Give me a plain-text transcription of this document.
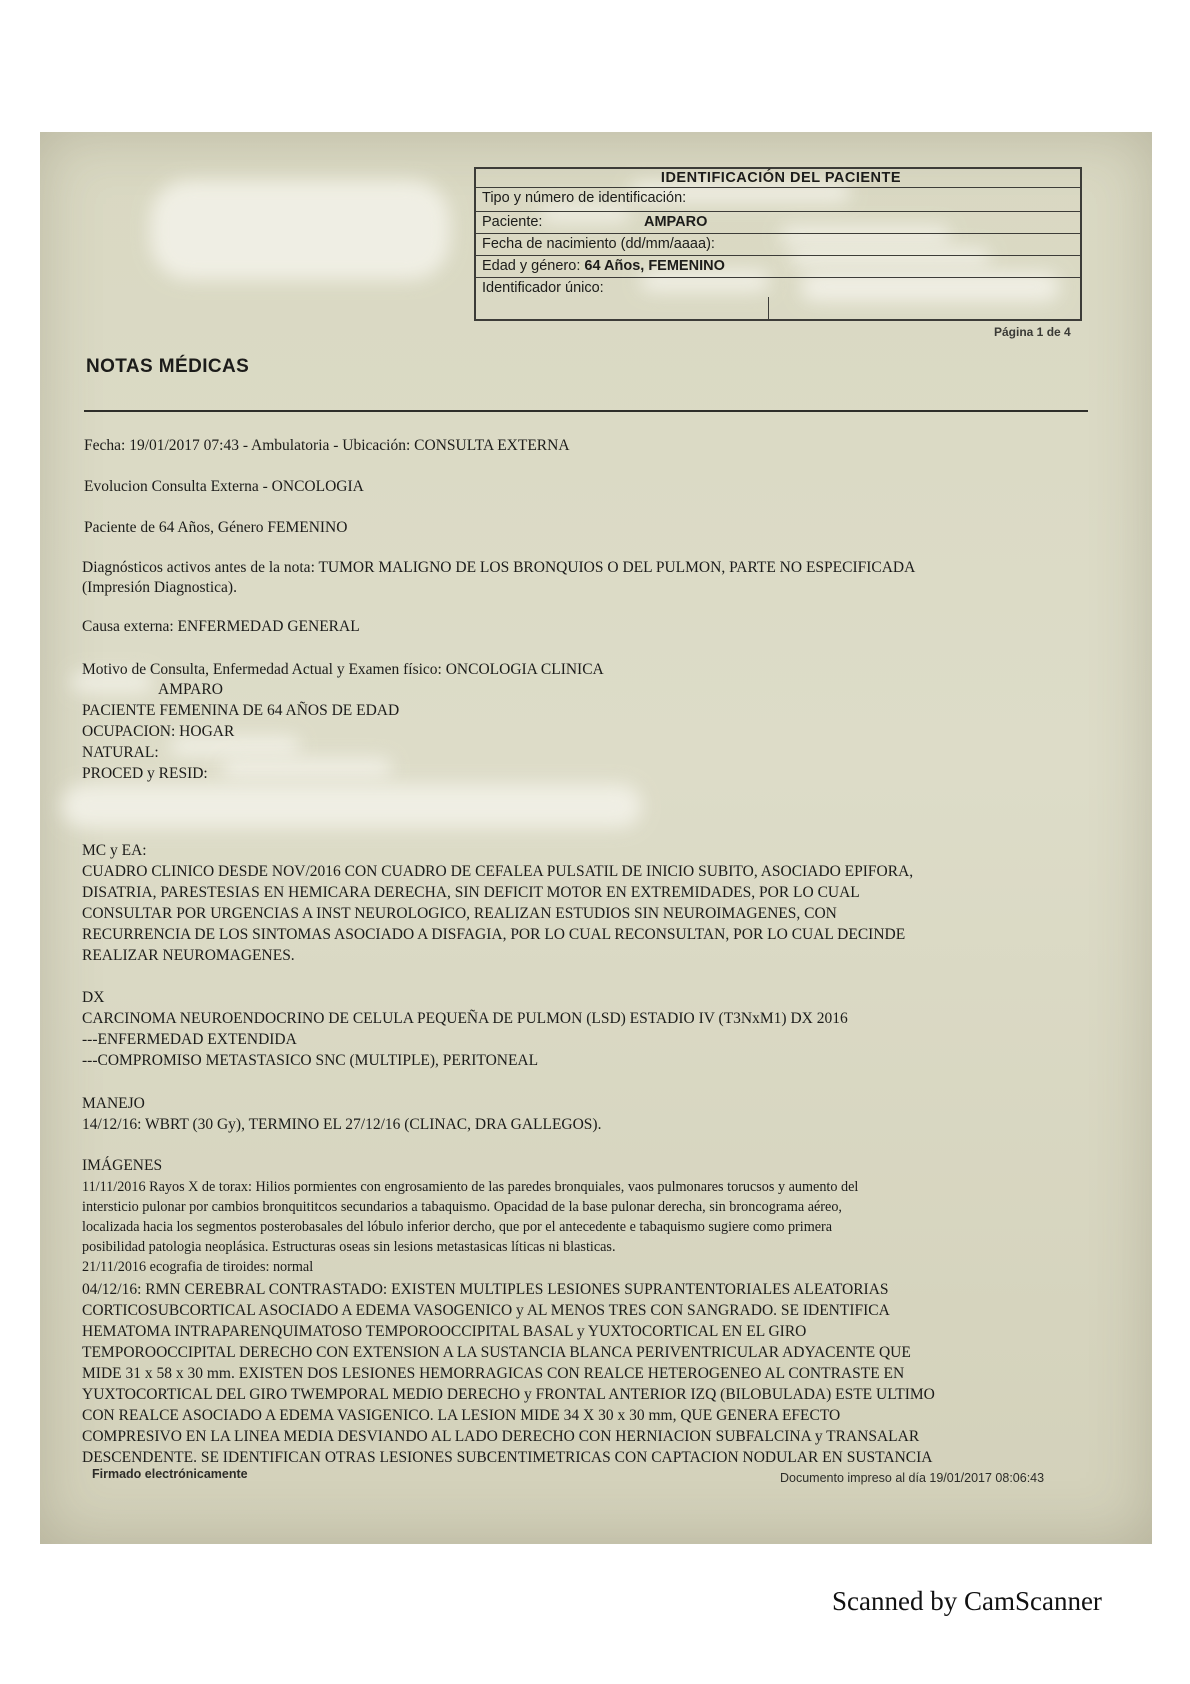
IDENTIFICACIÓN DEL PACIENTE
Tipo y número de identificación:
Paciente:	AMPARO
Fecha de nacimiento (dd/mm/aaaa):
Edad y género: 64 Años, FEMENINO
Identificador único:
Página 1 de 4
NOTAS MÉDICAS
Fecha: 19/01/2017 07:43 - Ambulatoria - Ubicación: CONSULTA EXTERNA
Evolucion Consulta Externa - ONCOLOGIA
Paciente de 64 Años, Género FEMENINO
Diagnósticos activos antes de la nota: TUMOR MALIGNO DE LOS BRONQUIOS O DEL PULMON, PARTE NO ESPECIFICADA
(Impresión Diagnostica).
Causa externa: ENFERMEDAD GENERAL
Motivo de Consulta, Enfermedad Actual y Examen físico: ONCOLOGIA CLINICA
AMPARO
PACIENTE FEMENINA DE 64 AÑOS DE EDAD
OCUPACION: HOGAR
NATURAL:
PROCED y RESID:
MC y EA:
CUADRO CLINICO DESDE NOV/2016 CON CUADRO DE CEFALEA PULSATIL DE INICIO SUBITO, ASOCIADO EPIFORA,
DISATRIA, PARESTESIAS EN HEMICARA DERECHA, SIN DEFICIT MOTOR EN EXTREMIDADES, POR LO CUAL
CONSULTAR POR URGENCIAS A INST NEUROLOGICO, REALIZAN ESTUDIOS SIN NEUROIMAGENES, CON
RECURRENCIA DE LOS SINTOMAS ASOCIADO A DISFAGIA, POR LO CUAL RECONSULTAN, POR LO CUAL DECINDE
REALIZAR NEUROMAGENES.
DX
CARCINOMA NEUROENDOCRINO DE CELULA PEQUEÑA DE PULMON (LSD) ESTADIO IV (T3NxM1) DX 2016
---ENFERMEDAD EXTENDIDA
---COMPROMISO METASTASICO SNC (MULTIPLE), PERITONEAL
MANEJO
14/12/16: WBRT (30 Gy), TERMINO EL 27/12/16 (CLINAC, DRA GALLEGOS).
IMÁGENES
11/11/2016 Rayos X de torax: Hilios pormientes con engrosamiento de las paredes bronquiales, vaos pulmonares torucsos y aumento del
intersticio pulonar por cambios bronquititcos secundarios a tabaquismo. Opacidad de la base pulonar derecha, sin broncograma aéreo,
localizada hacia los segmentos posterobasales del lóbulo inferior dercho, que por el antecedente e tabaquismo sugiere como primera
posibilidad patologia neoplásica. Estructuras oseas sin lesions metastasicas líticas ni blasticas.
21/11/2016 ecografia de tiroides: normal
04/12/16: RMN CEREBRAL CONTRASTADO: EXISTEN MULTIPLES LESIONES SUPRANTENTORIALES ALEATORIAS
CORTICOSUBCORTICAL ASOCIADO A EDEMA VASOGENICO y AL MENOS TRES CON SANGRADO. SE IDENTIFICA
HEMATOMA INTRAPARENQUIMATOSO TEMPOROOCCIPITAL BASAL y YUXTOCORTICAL EN EL GIRO
TEMPOROOCCIPITAL DERECHO CON EXTENSION A LA SUSTANCIA BLANCA PERIVENTRICULAR ADYACENTE QUE
MIDE 31 x 58 x 30 mm. EXISTEN DOS LESIONES HEMORRAGICAS CON REALCE HETEROGENEO AL CONTRASTE EN
YUXTOCORTICAL DEL GIRO TWEMPORAL MEDIO DERECHO y FRONTAL ANTERIOR IZQ (BILOBULADA) ESTE ULTIMO
CON REALCE ASOCIADO A EDEMA VASIGENICO. LA LESION MIDE 34 X 30 x 30 mm, QUE GENERA EFECTO
COMPRESIVO EN LA LINEA MEDIA DESVIANDO AL LADO DERECHO CON HERNIACION SUBFALCINA y TRANSALAR
DESCENDENTE. SE IDENTIFICAN OTRAS LESIONES SUBCENTIMETRICAS CON CAPTACION NODULAR EN SUSTANCIA
Firmado electrónicamente	Documento impreso al día 19/01/2017 08:06:43
Scanned by CamScanner
